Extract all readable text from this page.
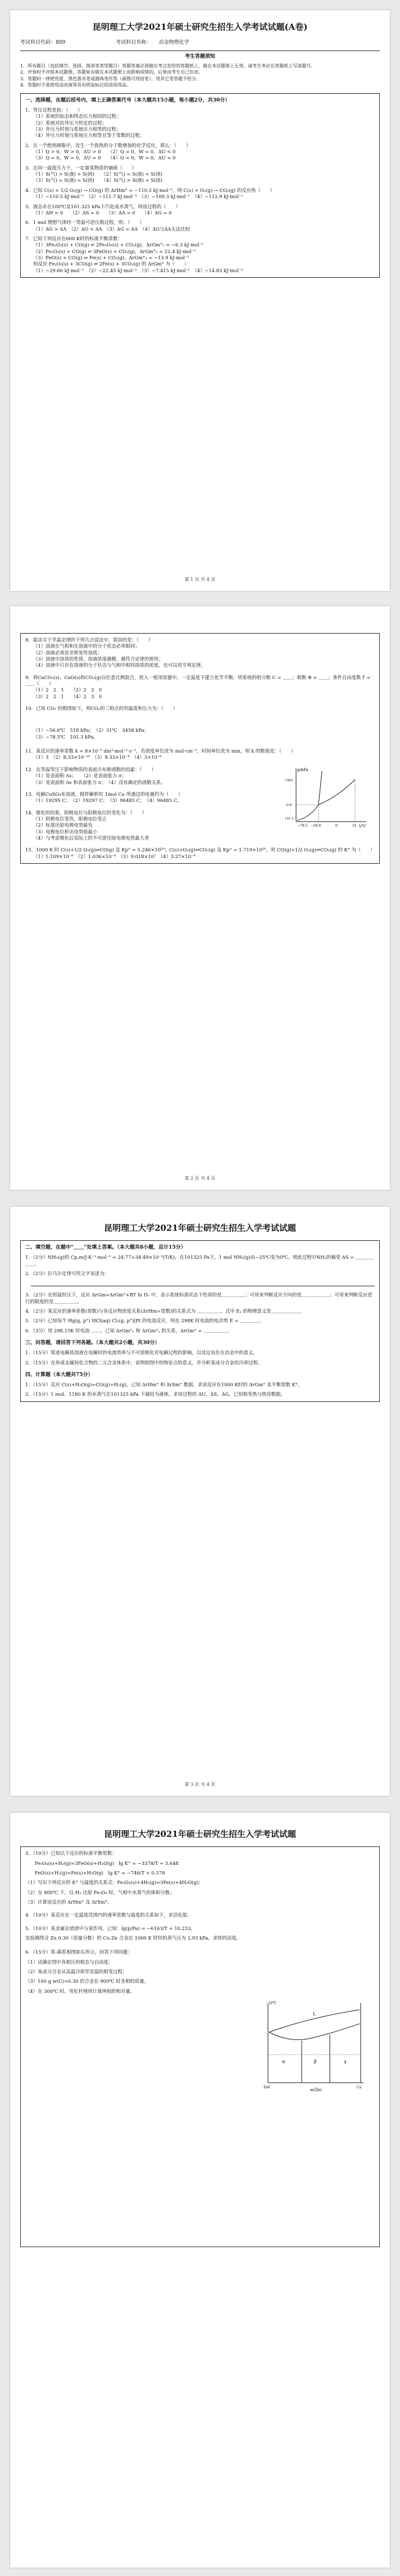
昆明理工大学2021年硕士研究生招生入学考试试题(A卷)
考试科目代码：809	考试科目名称：　　冶金物理化学
考生答题须知
1．所有题目（包括填空、选择、图表等类型题目）答题答案必须做在考点发给的答题纸上，做在本试题册上无效。请考生务必在答题纸上写清题号。
2．评卷时不评阅本试题册，答题如有做在本试题册上而影响成绩的，后果由考生自己负责。
3．答题时一律使用蓝、黑色墨水笔或圆珠笔作答（画图可用铅笔），用其它笔答题不给分。
4．答题时不准使用涂改液等具有明显标记的涂改用品。
一、选择题，在题后括号内，填上正确答案代号（本大题共15小题，每小题2分，共30分）
1．等压过程是指：（　　）
（1）系统的始态和终态压力相同的过程；
（2）系统对抗外压力恒定的过程；
（3）外压力时刻与系统压力相等的过程；
（4）外压力时刻与系统压力相等且等于常数的过程。
2．在一个绝热刚瓶中，发生一个放热的分子数增加的化学反应，那么：（　　）
（1）Q > 0，W > 0，ΔU > 0　　（2）Q = 0，W = 0，ΔU < 0
（3）Q = 0，W = 0，ΔU = 0　　（4）Q < 0，W > 0，ΔU < 0
3．在同一温度压力下，一定量某物质的熵值（　　）
（1）S(气) > S(液) > S(固)　　（2）S(气) < S(液) < S(固)
（3）S(气) = S(液) = S(固)　　（4）S(气) > S(液) = S(固)
4．已知 C(s) + 1/2 O₂(g) → CO(g) 的 ΔrHm° = −110.5 kJ·mol⁻¹，则 C(s) + O₂(g) → CO₂(g) 的反应热（　　）
（1）−110.5 kJ·mol⁻¹　（2）−111.7 kJ·mol⁻¹　（3）−109.3 kJ·mol⁻¹　（4）−112.9 kJ·mol⁻¹
5．液态水在100℃及101.325 kPa下汽化成水蒸气，则该过程的（　　）
（1）ΔH = 0　　（2）ΔS = 0　　（3）ΔA = 0　　（4）ΔG = 0
6．1 mol 理想气体经一等温可逆压缩过程，则：（　　）
（1）ΔG > ΔA　（2）ΔG < ΔA　（3）ΔG = ΔA　（4）ΔG与ΔA无法比较
7．已知下列反应在600 K时的标准平衡常数：
（1）3Fe₂O₃(s) + CO(g) ⇌ 2Fe₃O₄(s) + CO₂(g)，ΔrGm°₁ = −6.3 kJ·mol⁻¹
（2）Fe₃O₄(s) + CO(g) ⇌ 3FeO(s) + CO₂(g)，ΔrGm°₂ = 22.4 kJ·mol⁻¹
（3）FeO(s) + CO(g) ⇌ Fe(s) + CO₂(g)，ΔrGm°₃ = −13.9 kJ·mol⁻¹
则反应 Fe₂O₃(s) + 3CO(g) ⇌ 2Fe(s) + 3CO₂(g) 的 ΔrGm° 为（　　）
（1）−29.66 kJ·mol⁻¹　（2）−22.45 kJ·mol⁻¹　（3）−7.415 kJ·mol⁻¹　（4）−14.83 kJ·mol⁻¹
第 1 页 共 4 页
8．能由关于孪晶定律的下列几点说法中，错误的是：（　　）
（1）溶液在气相和在溶液中的分子状态必须相同；
（2）溶液必须是非挥发性溶质；
（3）溶液中溶质的性质，溶液浓度越稀，越符合定律的使用；
（4）溶液中只存在溶液的分子状态与气相中相同溶质的浓度，也可以用亨利定律。
9．将CaCO₃(s)、CaO(s)和CO₂(g)以任意比例混合，放入一密闭容器中，一定温度下建立化学平衡，则系统的组分数 C = ＿＿；相数 Φ = ＿＿；条件自由度数 f′ = ＿＿（　　）
（1）2　2　1　　（2）2　2　0
（3）2　2　1　　（4）2　3　0
10．已知 CO₂ 的相图如下，则CO₂的三相点时的温度和压力为：（　　）
（1）−56.6℃　518 kPa；　（2）31℃　3458 kPa；
（3）−78.5℃　101.3 kPa。
p/kPa
t/℃
−78.5 −56.6	0	31
7383
518
101.3
11．某反应的速率常数 k = 8×10⁻⁵ dm³·mol⁻¹·s⁻¹，若浓度单位改为 mol·cm⁻³，时间单位改为 min，则 k 的数值是：（　　）
（1）3　（2）8.33×10⁻¹⁰　（3）8.33×10⁻⁴　（4）3×10⁻⁶
12．在等温等压下影响物质的表面吉布斯函数的因素：（　　）
（1）是表面积 As；　　（2）是表面张力 σ；
（3）是表面积 As 和表面张力 σ；　（4）没有确定的函数关系。
13．电解CuSO₄水溶液，搅拌解析时 1mol Cu 所通过的电量约为（　　）
（1）19295 C；　（2）19297 C；　（3）96485 C；　（4）96485 C。
14．极化的结果，阴极电位与阳极电位的变化为：（　　）
（1）阴极电位变负，阳极电位变正
（2）标准还原电极电势最负
（3）电极电位析出电势值最小
（4）与考虑极化后实际上的不可逆还原电极电势最大者
15．1000 K 时 C(s)+1/2 O₂(g)⇌CO(g) 及 Kp° = 5.246×10²⁰；C(s)+O₂(g)⇌CO₂(g) 及 Kp° = 1.719×10²⁰，则 CO(g)+1/2 O₂(g)⇌CO₂(g) 的 K° 为（　　）
（1）1.109×10⁻⁸　（2）1.036×10⁻⁸　（3）9.018×10⁷　（4）3.27×10⁻⁹
第 2 页 共 4 页
昆明理工大学2021年硕士研究生招生入学考试试题
二、填空题，在题中“＿＿”处填上答案。（本大题共8小题，总计15分）
1．（2分）NH₃(g)的 Cp,m/J·K⁻¹·mol⁻¹ = 24.77+34.49×10⁻³(T/K)，在101325 Pa下，1 mol NH₃(g)由−25℃变为0℃，则此过程中NH₃的熵变 ΔS = ＿＿＿＿＿＿。
2．（2分）拉乌尔定律可用文字表述为：
3．（2分）在恒温恒压下，反应 ΔrGm=ΔrGm°+RT ln Πᵥ 中，表示系统标准状态下性质的是＿＿＿＿＿；可用来判断反应方向的是＿＿＿＿＿＿；可用来判断反应进行的限度的是＿＿＿＿＿。
4．（2分）某反应的速率系数(常数)与各反应物浓度关系(ΔrHm=常数)的关系式为 ＿＿＿＿＿，式中 Eₐ 的物理意义是＿＿＿＿＿＿。
5．（2分）已知每个 Hg(g, p°) HCl(aq) Cl₂(g, p°)|Pt 的电池反应，则在 298K 时电池的电动势 E = ＿＿＿＿。
6．（3分）用 298.15K 时电池 ……，已知 ΔrGm°ₓ 和 ΔrGm°ᵧ 的关系，ΔrGm° = ＿＿＿＿＿。
三、问答题，请回答下列各题。（本大题共2小题，共30分）
1．（15分）简述电解质溶液在电解时的电流效率与不可逆极化对电解过程的影响，以及过电位在冶金中的意义。
2．（15分）在形成金属间化合物的二元合金体系中，说明相图中的特征点的意义，并分析某成分合金的冷却过程。
四、计算题（本大题共75分）
1．（15分）反应 C(s)+H₂O(g)=CO(g)+H₂(g)，已知 ΔrHm° 和 ΔrSm° 数据，求该反应在1000 K时的 ΔrGm° 及平衡常数 K°。
2．（15分）1 mol、1180 K 的水蒸气在101325 kPa 下凝结为液体，求该过程的 ΔU、ΔS、ΔG，已知相变热与热容数据。
第 3 页 共 4 页
昆明理工大学2021年硕士研究生招生入学考试试题
3．（10分）已知以下反应的标准平衡常数：
　　Fe₃O₄(s)+H₂(g)=3FeO(s)+H₂O(g)　lg K° = −3378/T + 3.648
　　FeO(s)+H₂(g)=Fe(s)+H₂O(g)　lg K° = −746/T + 0.578
（1）写出下列反应的 K° 与温度的关系式：Fe₃O₄(s)+4H₂(g)=3Fe(s)+4H₂O(g)；
（2）在 800℃ 下，以 H₂ 还原 Fe₃O₄ 时，气相中水蒸气的体积分数；
（3）计算该反应的 ΔrHm° 及 ΔrSm°。
4．（10分）某反应在一定温度范围内的速率常数与温度的关系如下，求活化能。
5．（10分）某金属在熔渣中与氧作用，已知：lg(p/Pa) = −6163/T + 10.233，
实验测得含 Zn 0.30（质量分数）的 Cu-Zn 合金在 1000 K 时锌的蒸气压为 2.93 kPa，求锌的活度。
6．（15分）铁-碳系相图如右所示，回答下列问题：
（1）试确定图中各相区的相态与自由度；
（2）某成分合金从高温冷却至室温的相变过程；
（3）100 g w(C)=0.30 的合金在 900℃ 时各相的质量。
（4）在 300℃ 时，用杠杆规则计算两相的相对量。
L
α	β	γ
t/℃
w(Zn)
Zn 0	Cu
